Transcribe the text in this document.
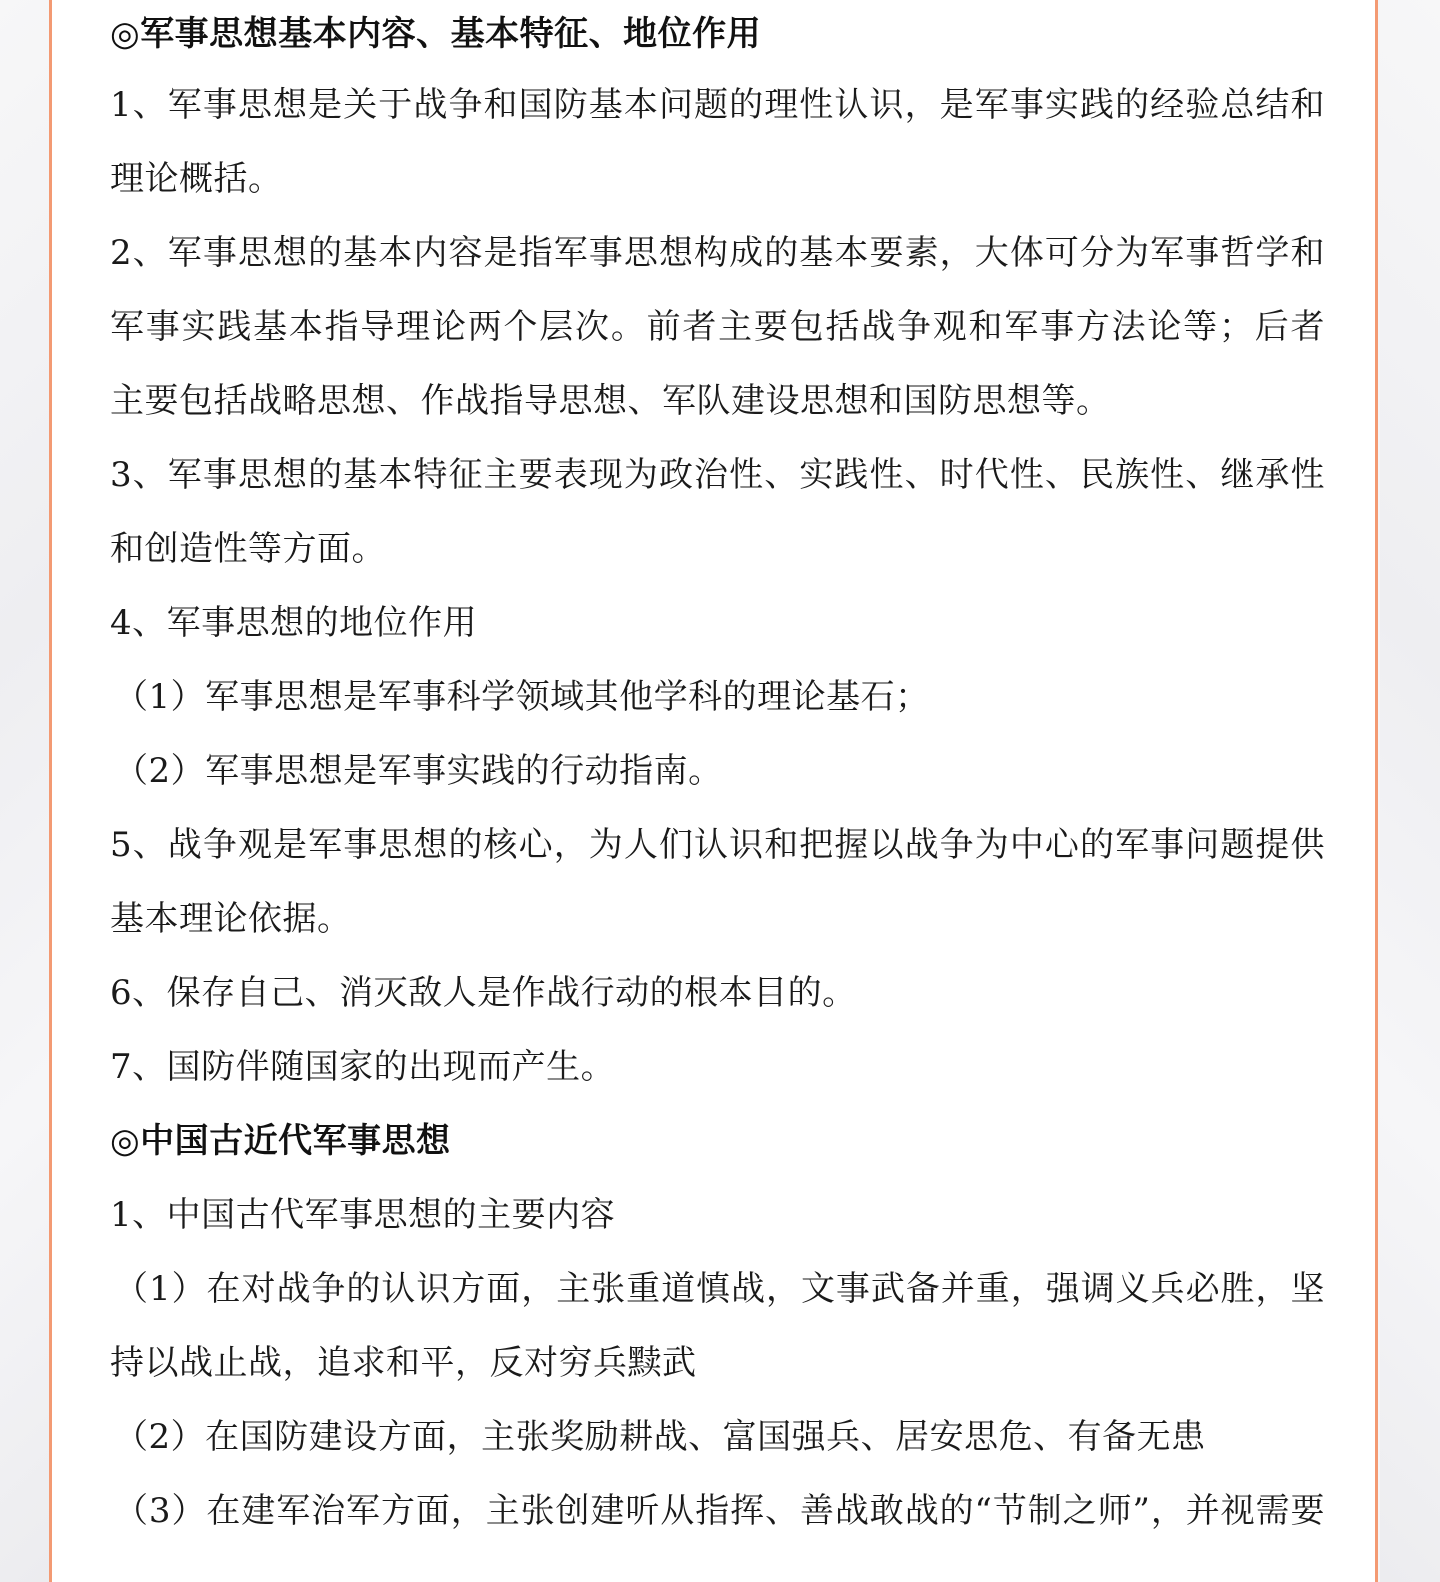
◎军事思想基本内容、基本特征、地位作用
1、军事思想是关于战争和国防基本问题的理性认识，是军事实践的经验总结和
理论概括。
2、军事思想的基本内容是指军事思想构成的基本要素，大体可分为军事哲学和
军事实践基本指导理论两个层次。前者主要包括战争观和军事方法论等；后者
主要包括战略思想、作战指导思想、军队建设思想和国防思想等。
3、军事思想的基本特征主要表现为政治性、实践性、时代性、民族性、继承性
和创造性等方面。
4、军事思想的地位作用
（1）军事思想是军事科学领域其他学科的理论基石；
（2）军事思想是军事实践的行动指南。
5、战争观是军事思想的核心，为人们认识和把握以战争为中心的军事问题提供
基本理论依据。
6、保存自己、消灭敌人是作战行动的根本目的。
7、国防伴随国家的出现而产生。
◎中国古近代军事思想
1、中国古代军事思想的主要内容
（1）在对战争的认识方面，主张重道慎战，文事武备并重，强调义兵必胜，坚
持以战止战，追求和平，反对穷兵黩武
（2）在国防建设方面，主张奖励耕战、富国强兵、居安思危、有备无患
（3）在建军治军方面，主张创建听从指挥、善战敢战的“节制之师”，并视需要
